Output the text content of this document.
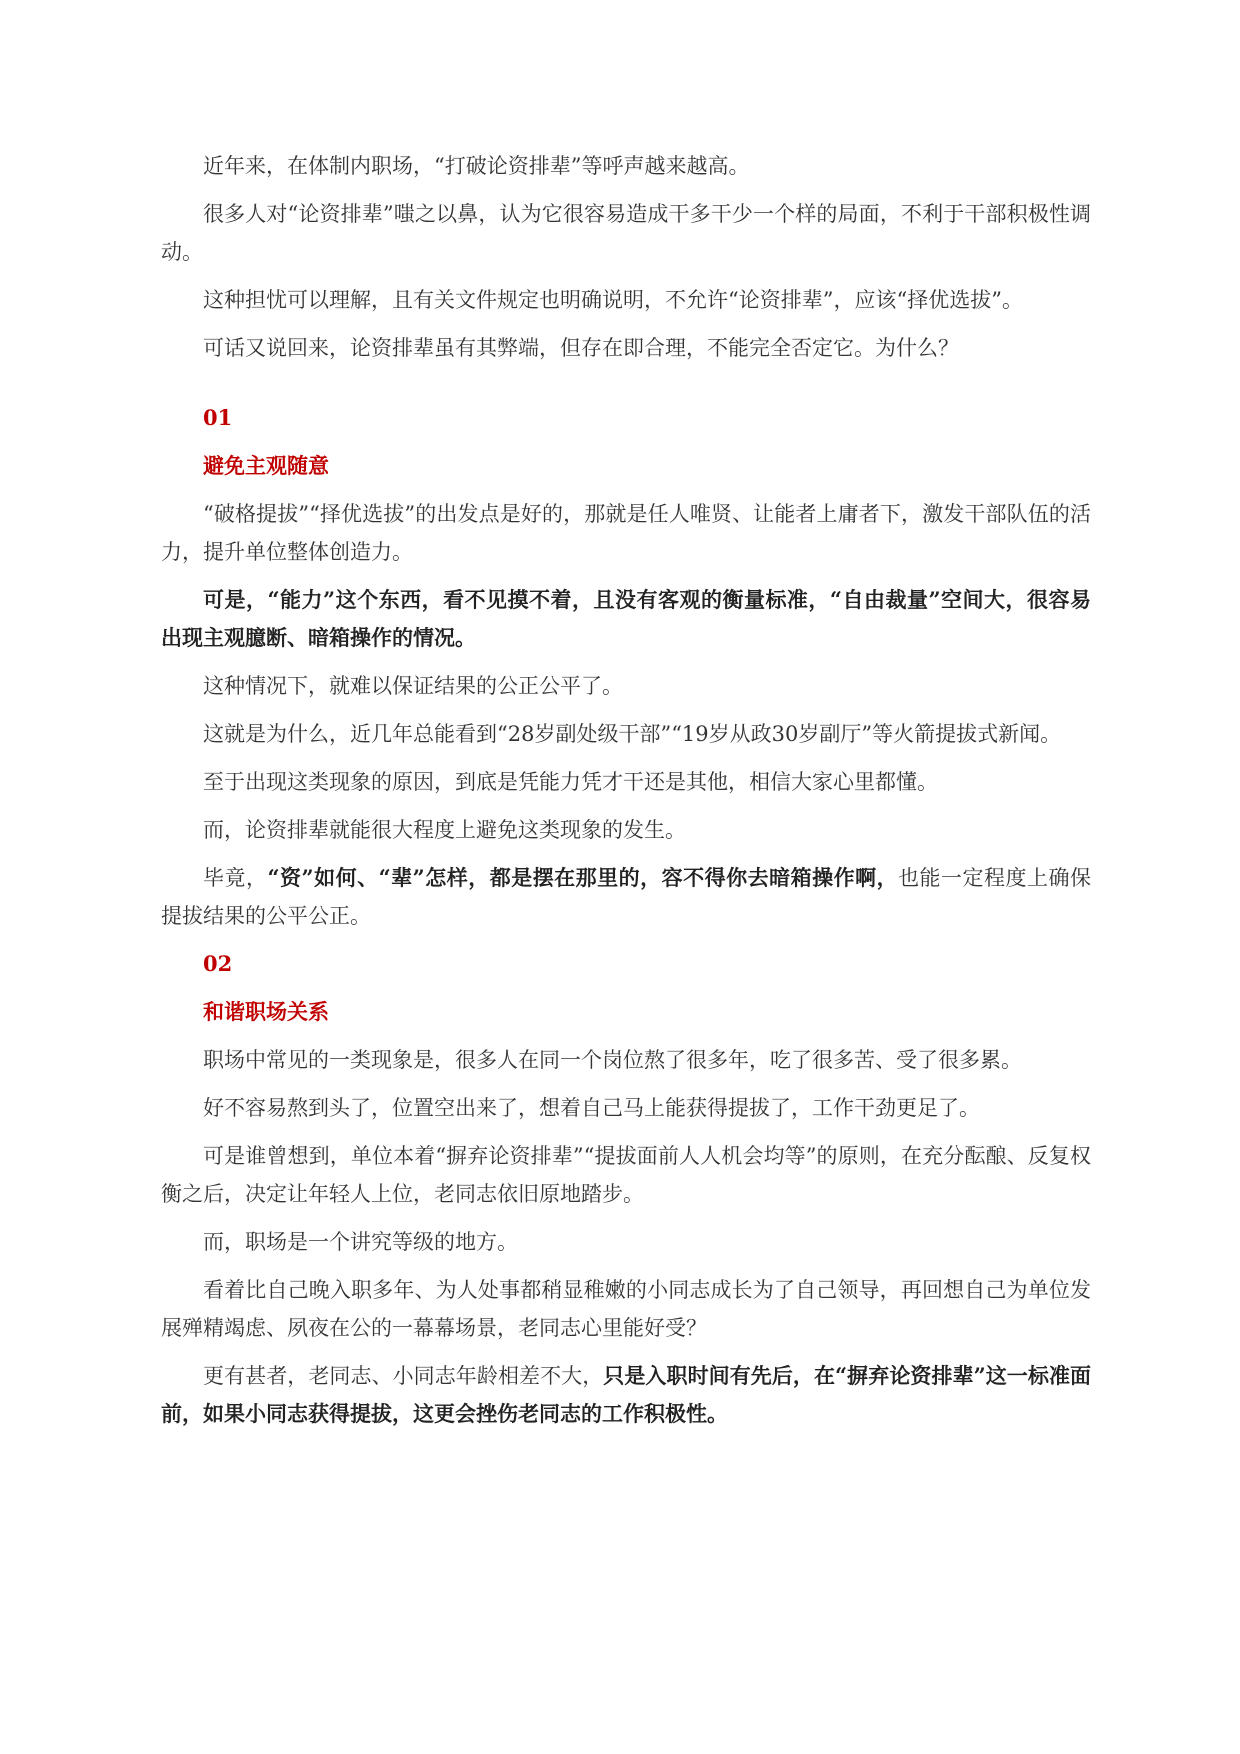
近年来，在体制内职场，“打破论资排辈”等呼声越来越高。

很多人对“论资排辈”嗤之以鼻，认为它很容易造成干多干少一个样的局面，不利于干部积极性调动。

这种担忧可以理解，且有关文件规定也明确说明，不允许“论资排辈”，应该“择优选拔”。

可话又说回来，论资排辈虽有其弊端，但存在即合理，不能完全否定它。为什么？

01

避免主观随意

“破格提拔”“择优选拔”的出发点是好的，那就是任人唯贤、让能者上庸者下，激发干部队伍的活力，提升单位整体创造力。

可是，“能力”这个东西，看不见摸不着，且没有客观的衡量标准，“自由裁量”空间大，很容易出现主观臆断、暗箱操作的情况。

这种情况下，就难以保证结果的公正公平了。

这就是为什么，近几年总能看到“28岁副处级干部”“19岁从政30岁副厅”等火箭提拔式新闻。

至于出现这类现象的原因，到底是凭能力凭才干还是其他，相信大家心里都懂。

而，论资排辈就能很大程度上避免这类现象的发生。

毕竟，“资”如何、“辈”怎样，都是摆在那里的，容不得你去暗箱操作啊，也能一定程度上确保提拔结果的公平公正。

02

和谐职场关系

职场中常见的一类现象是，很多人在同一个岗位熬了很多年，吃了很多苦、受了很多累。

好不容易熬到头了，位置空出来了，想着自己马上能获得提拔了，工作干劲更足了。

可是谁曾想到，单位本着“摒弃论资排辈”“提拔面前人人机会均等”的原则，在充分酝酿、反复权衡之后，决定让年轻人上位，老同志依旧原地踏步。

而，职场是一个讲究等级的地方。

看着比自己晚入职多年、为人处事都稍显稚嫩的小同志成长为了自己领导，再回想自己为单位发展殚精竭虑、夙夜在公的一幕幕场景，老同志心里能好受？

更有甚者，老同志、小同志年龄相差不大，只是入职时间有先后，在“摒弃论资排辈”这一标准面前，如果小同志获得提拔，这更会挫伤老同志的工作积极性。
